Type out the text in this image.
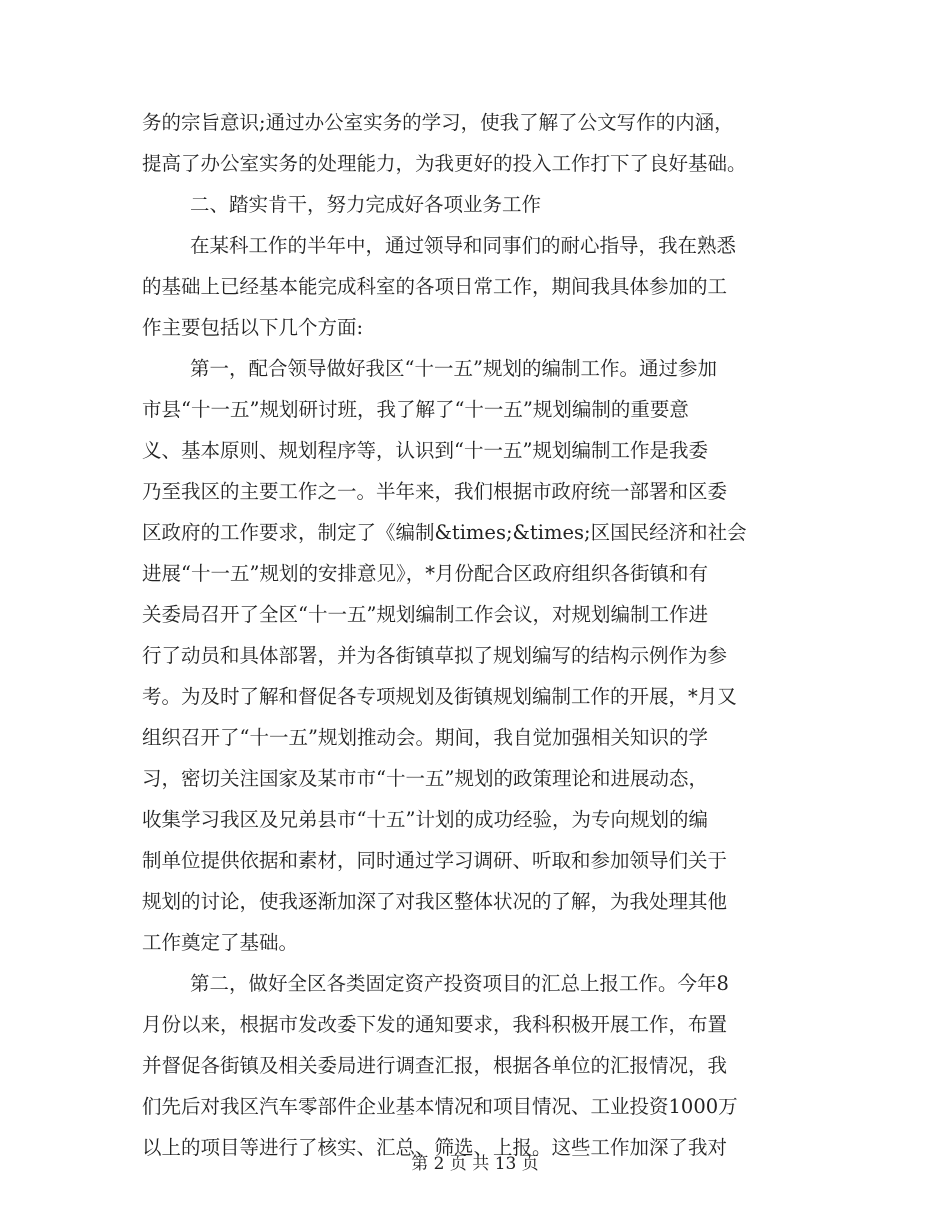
务的宗旨意识;通过办公室实务的学习，使我了解了公文写作的内涵，
提高了办公室实务的处理能力，为我更好的投入工作打下了良好基础。
二、踏实肯干，努力完成好各项业务工作
在某科工作的半年中，通过领导和同事们的耐心指导，我在熟悉
的基础上已经基本能完成科室的各项日常工作，期间我具体参加的工
作主要包括以下几个方面:
第一，配合领导做好我区“十一五”规划的编制工作。通过参加
市县“十一五”规划研讨班，我了解了“十一五”规划编制的重要意
义、基本原则、规划程序等，认识到“十一五”规划编制工作是我委
乃至我区的主要工作之一。半年来，我们根据市政府统一部署和区委
区政府的工作要求，制定了《编制&times;&times;区国民经济和社会
进展“十一五”规划的安排意见》，*月份配合区政府组织各街镇和有
关委局召开了全区“十一五”规划编制工作会议，对规划编制工作进
行了动员和具体部署，并为各街镇草拟了规划编写的结构示例作为参
考。为及时了解和督促各专项规划及街镇规划编制工作的开展，*月又
组织召开了“十一五”规划推动会。期间，我自觉加强相关知识的学
习，密切关注国家及某市市“十一五”规划的政策理论和进展动态，
收集学习我区及兄弟县市“十五”计划的成功经验，为专向规划的编
制单位提供依据和素材，同时通过学习调研、听取和参加领导们关于
规划的讨论，使我逐渐加深了对我区整体状况的了解，为我处理其他
工作奠定了基础。
第二，做好全区各类固定资产投资项目的汇总上报工作。今年8
月份以来，根据市发改委下发的通知要求，我科积极开展工作，布置
并督促各街镇及相关委局进行调查汇报，根据各单位的汇报情况，我
们先后对我区汽车零部件企业基本情况和项目情况、工业投资1000万
以上的项目等进行了核实、汇总、筛选、上报。这些工作加深了我对
第 2 页 共 13 页
